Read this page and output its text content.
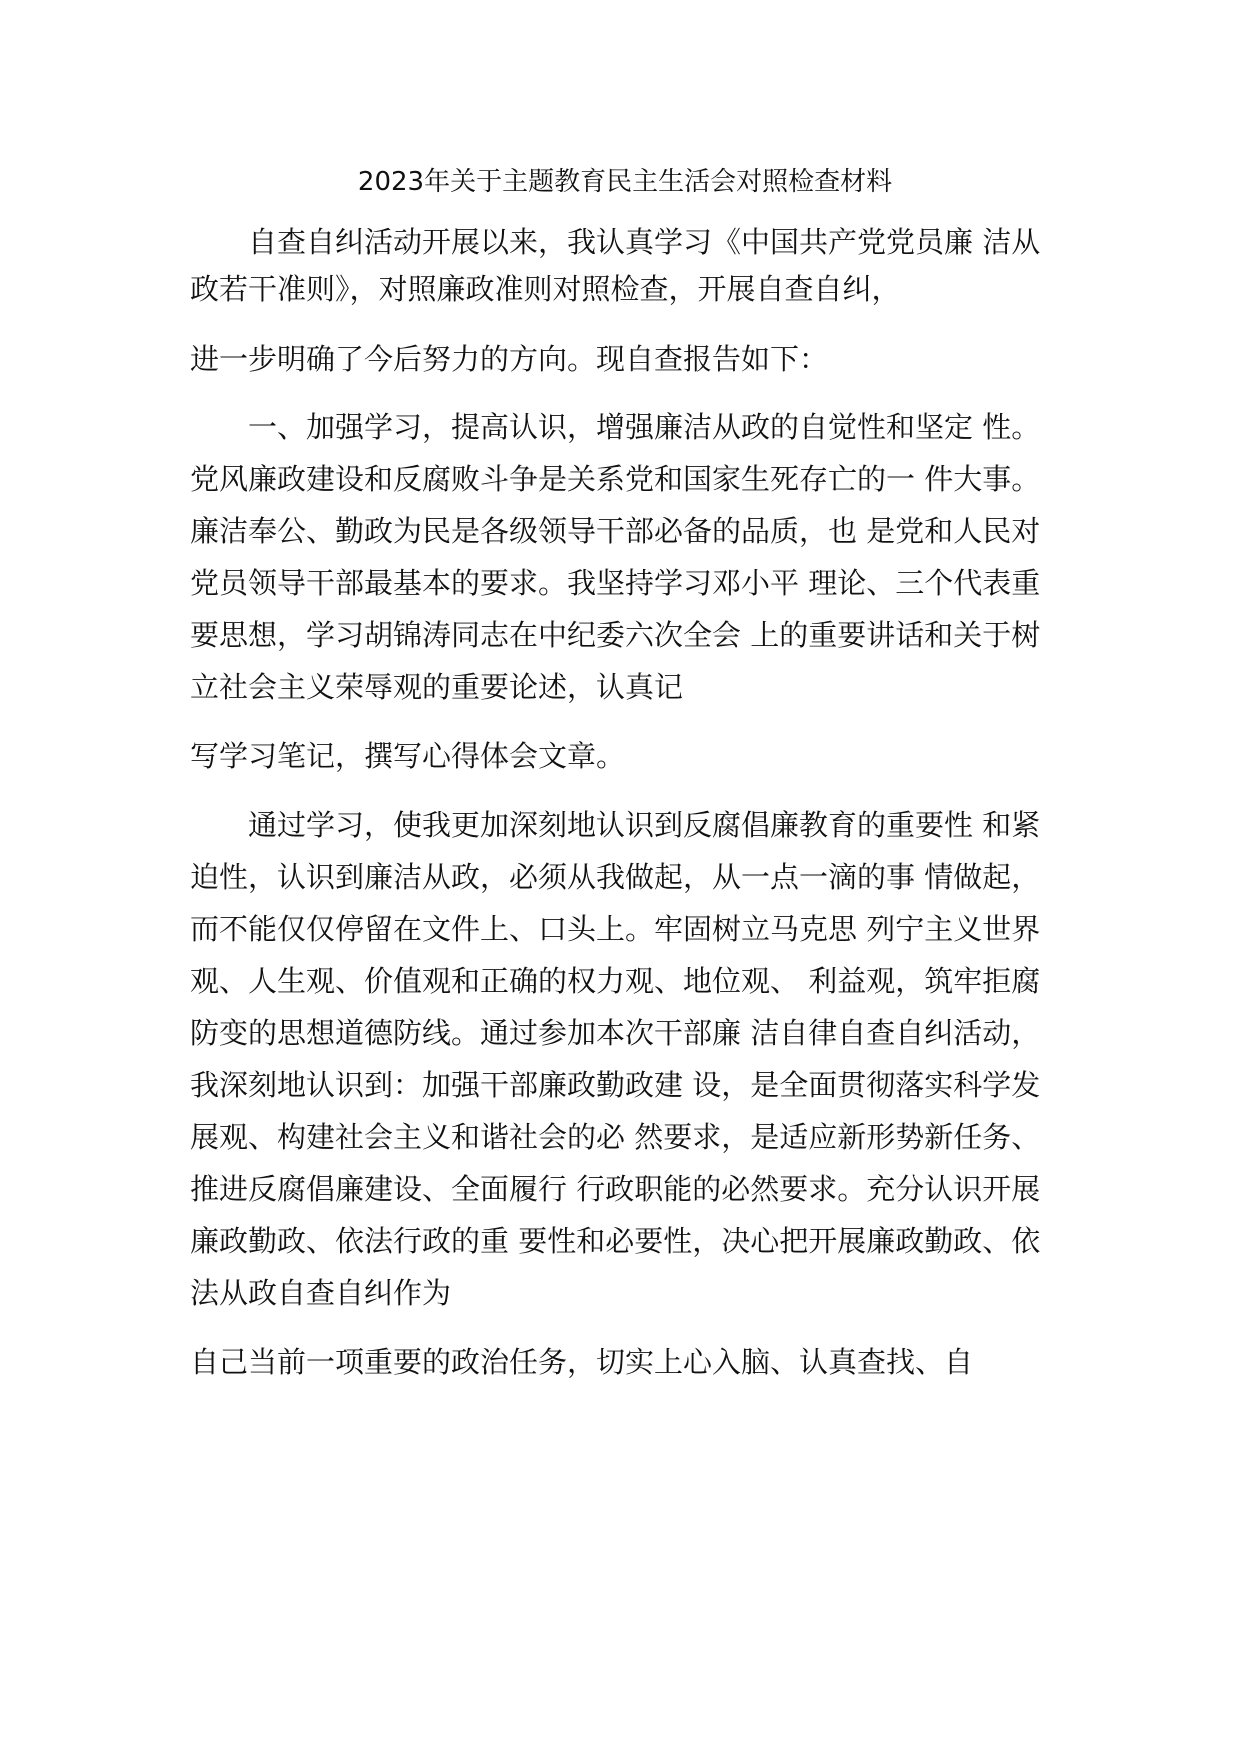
2023年关于主题教育民主生活会对照检查材料
　　自查自纠活动开展以来，我认真学习《中国共产党党员廉 洁从
政若干准则》，对照廉政准则对照检查，开展自查自纠，
进一步明确了今后努力的方向。现自查报告如下：
　　一、加强学习，提高认识，增强廉洁从政的自觉性和坚定 性。
党风廉政建设和反腐败斗争是关系党和国家生死存亡的一 件大事。
廉洁奉公、勤政为民是各级领导干部必备的品质，也 是党和人民对
党员领导干部最基本的要求。我坚持学习邓小平 理论、三个代表重
要思想，学习胡锦涛同志在中纪委六次全会 上的重要讲话和关于树
立社会主义荣辱观的重要论述，认真记
写学习笔记，撰写心得体会文章。
　　通过学习，使我更加深刻地认识到反腐倡廉教育的重要性 和紧
迫性，认识到廉洁从政，必须从我做起，从一点一滴的事 情做起，
而不能仅仅停留在文件上、口头上。牢固树立马克思 列宁主义世界
观、人生观、价值观和正确的权力观、地位观、 利益观，筑牢拒腐
防变的思想道德防线。通过参加本次干部廉 洁自律自查自纠活动，
我深刻地认识到：加强干部廉政勤政建 设，是全面贯彻落实科学发
展观、构建社会主义和谐社会的必 然要求，是适应新形势新任务、
推进反腐倡廉建设、全面履行 行政职能的必然要求。充分认识开展
廉政勤政、依法行政的重 要性和必要性，决心把开展廉政勤政、依
法从政自查自纠作为
自己当前一项重要的政治任务，切实上心入脑、认真查找、自
